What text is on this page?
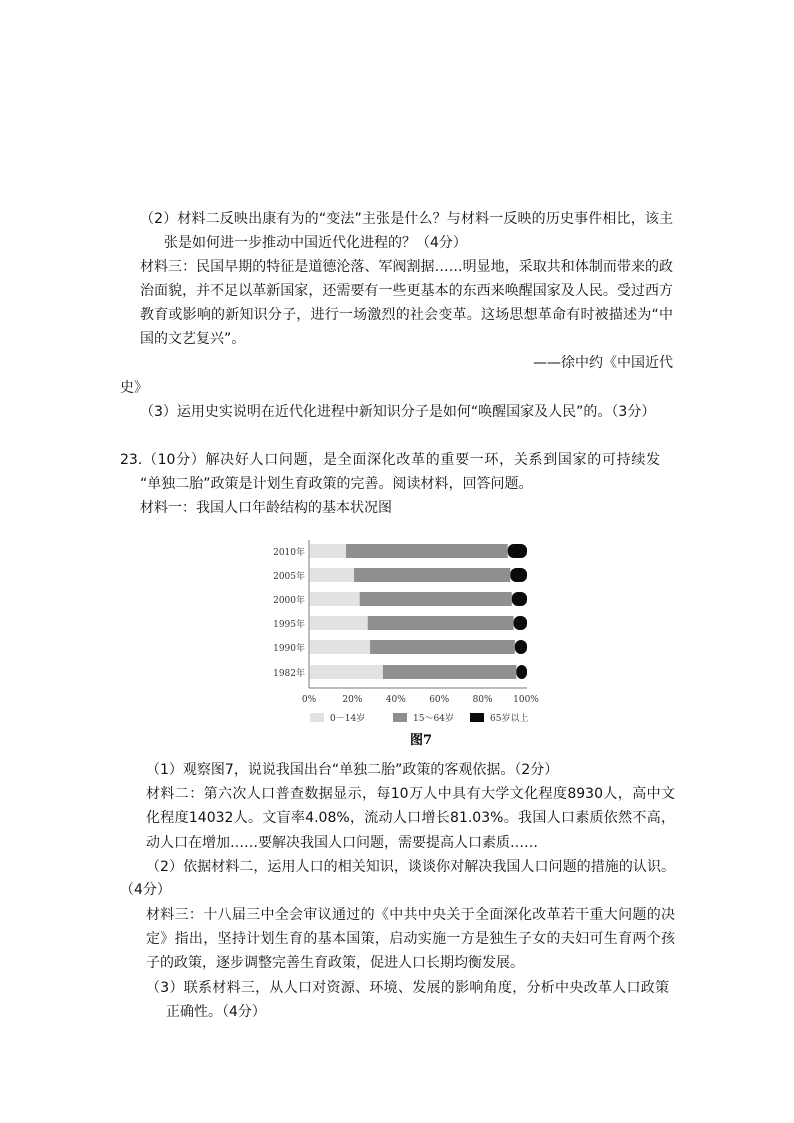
（2）材料二反映出康有为的“变法”主张是什么？与材料一反映的历史事件相比，该主
张是如何进一步推动中国近代化进程的？（4分）
材料三：民国早期的特征是道德沦落、军阀割据……明显地，采取共和体制而带来的政
治面貌，并不足以革新国家，还需要有一些更基本的东西来唤醒国家及人民。受过西方
教育或影响的新知识分子，进行一场激烈的社会变革。这场思想革命有时被描述为“中
国的文艺复兴”。
——徐中约《中国近代
史》
（3）运用史实说明在近代化进程中新知识分子是如何“唤醒国家及人民”的。（3分）
23.（10分）解决好人口问题，是全面深化改革的重要一环，关系到国家的可持续发
“单独二胎”政策是计划生育政策的完善。阅读材料，回答问题。
材料一：我国人口年龄结构的基本状况图
2010年
2005年
2000年
1995年
1990年
1982年
0%	20%	40%	60%	80% 100%
0－14岁	15～64岁	65岁以上
图7
（1）观察图7，说说我国出台“单独二胎”政策的客观依据。（2分）
材料二：第六次人口普查数据显示，每10万人中具有大学文化程度8930人，高中文
化程度14032人。文盲率4.08%，流动人口增长81.03%。我国人口素质依然不高，
动人口在增加……要解决我国人口问题，需要提高人口素质……
（2）依据材料二，运用人口的相关知识，谈谈你对解决我国人口问题的措施的认识。
（4分）
材料三：十八届三中全会审议通过的《中共中央关于全面深化改革若干重大问题的决
定》指出，坚持计划生育的基本国策，启动实施一方是独生子女的夫妇可生育两个孩
子的政策，逐步调整完善生育政策，促进人口长期均衡发展。
（3）联系材料三，从人口对资源、环境、发展的影响角度，分析中央改革人口政策
正确性。（4分）
